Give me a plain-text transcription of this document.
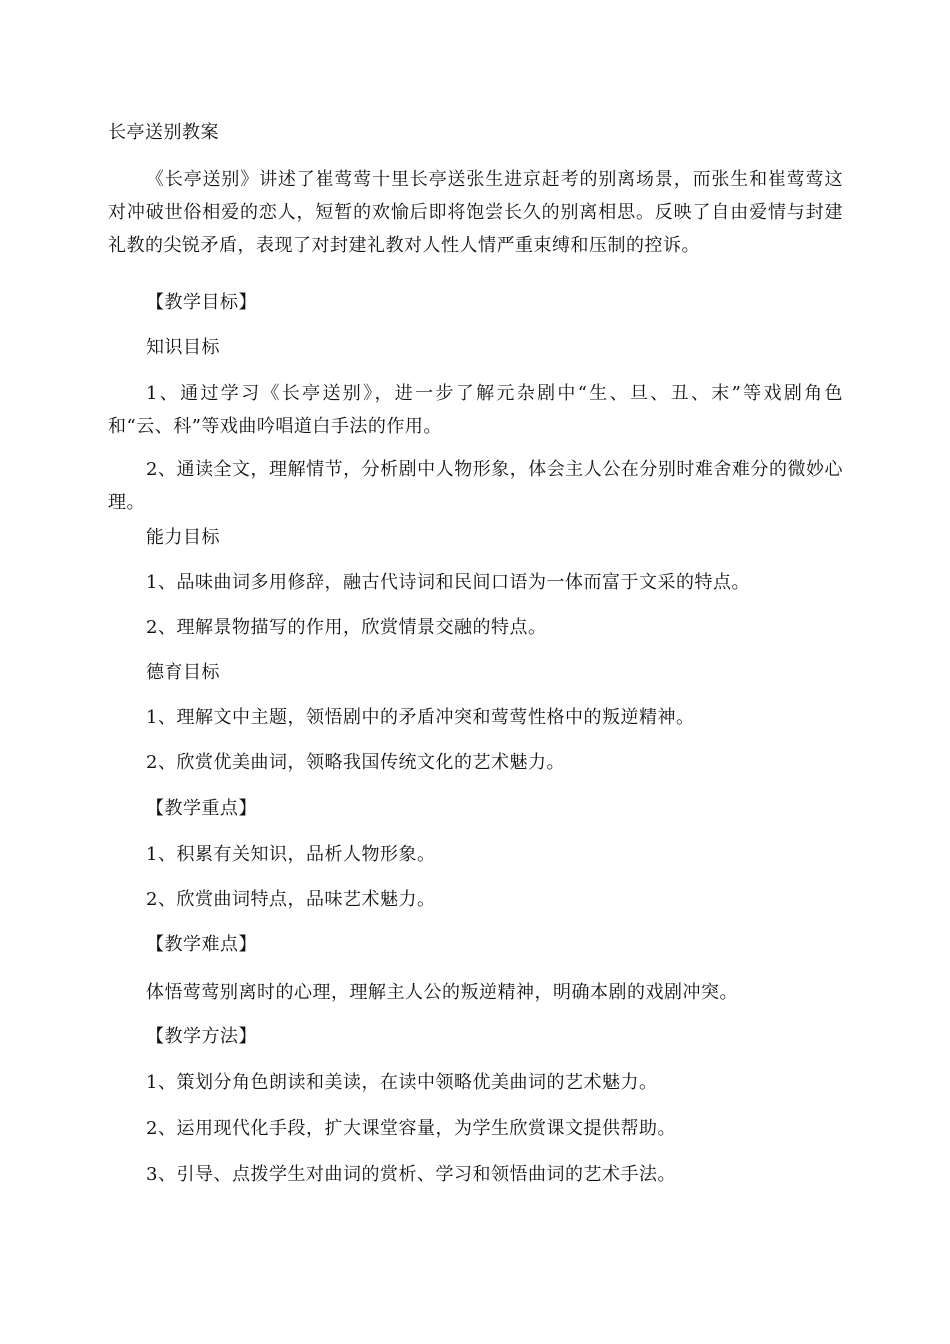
长亭送别教案

《长亭送别》讲述了崔莺莺十里长亭送张生进京赶考的别离场景，而张生和崔莺莺这对冲破世俗相爱的恋人，短暂的欢愉后即将饱尝长久的别离相思。反映了自由爱情与封建礼教的尖锐矛盾，表现了对封建礼教对人性人情严重束缚和压制的控诉。

【教学目标】
知识目标

1、通过学习《长亭送别》，进一步了解元杂剧中“生、旦、丑、末”等戏剧角色和“云、科”等戏曲吟唱道白手法的作用。

2、通读全文，理解情节，分析剧中人物形象，体会主人公在分别时难舍难分的微妙心理。

能力目标
1、品味曲词多用修辞，融古代诗词和民间口语为一体而富于文采的特点。
2、理解景物描写的作用，欣赏情景交融的特点。
德育目标
1、理解文中主题，领悟剧中的矛盾冲突和莺莺性格中的叛逆精神。
2、欣赏优美曲词，领略我国传统文化的艺术魅力。
【教学重点】
1、积累有关知识，品析人物形象。
2、欣赏曲词特点，品味艺术魅力。
【教学难点】
体悟莺莺别离时的心理，理解主人公的叛逆精神，明确本剧的戏剧冲突。
【教学方法】
1、策划分角色朗读和美读，在读中领略优美曲词的艺术魅力。
2、运用现代化手段，扩大课堂容量，为学生欣赏课文提供帮助。
3、引导、点拨学生对曲词的赏析、学习和领悟曲词的艺术手法。
